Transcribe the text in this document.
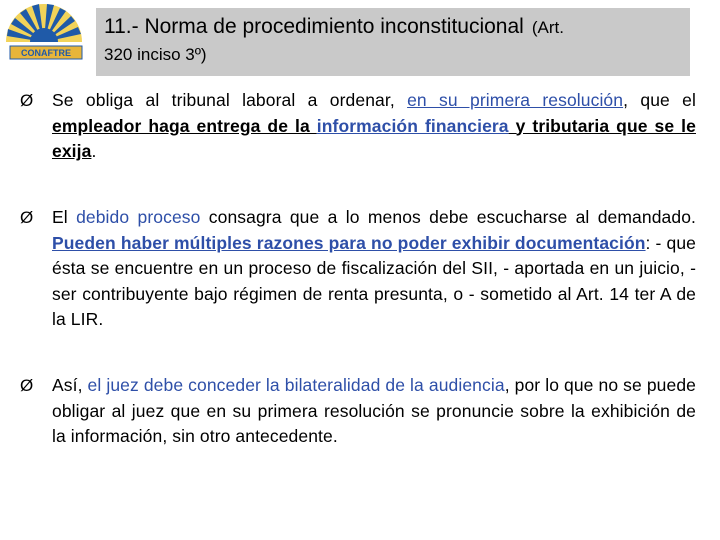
CONAFTRE
11.- Norma de procedimiento inconstitucional (Art.
320 inciso 3º)
Ø Se obliga al tribunal laboral a ordenar, en su primera resolución, que el empleador haga entrega de la información financiera y tributaria que se le exija.
Ø El debido proceso consagra que a lo menos debe escucharse al demandado. Pueden haber múltiples razones para no poder exhibir documentación: - que ésta se encuentre en un proceso de fiscalización del SII, - aportada en un juicio, - ser contribuyente bajo régimen de renta presunta, o - sometido al Art. 14 ter A de la LIR.
Ø Así, el juez debe conceder la bilateralidad de la audiencia, por lo que no se puede obligar al juez que en su primera resolución se pronuncie sobre la exhibición de la información, sin otro antecedente.
